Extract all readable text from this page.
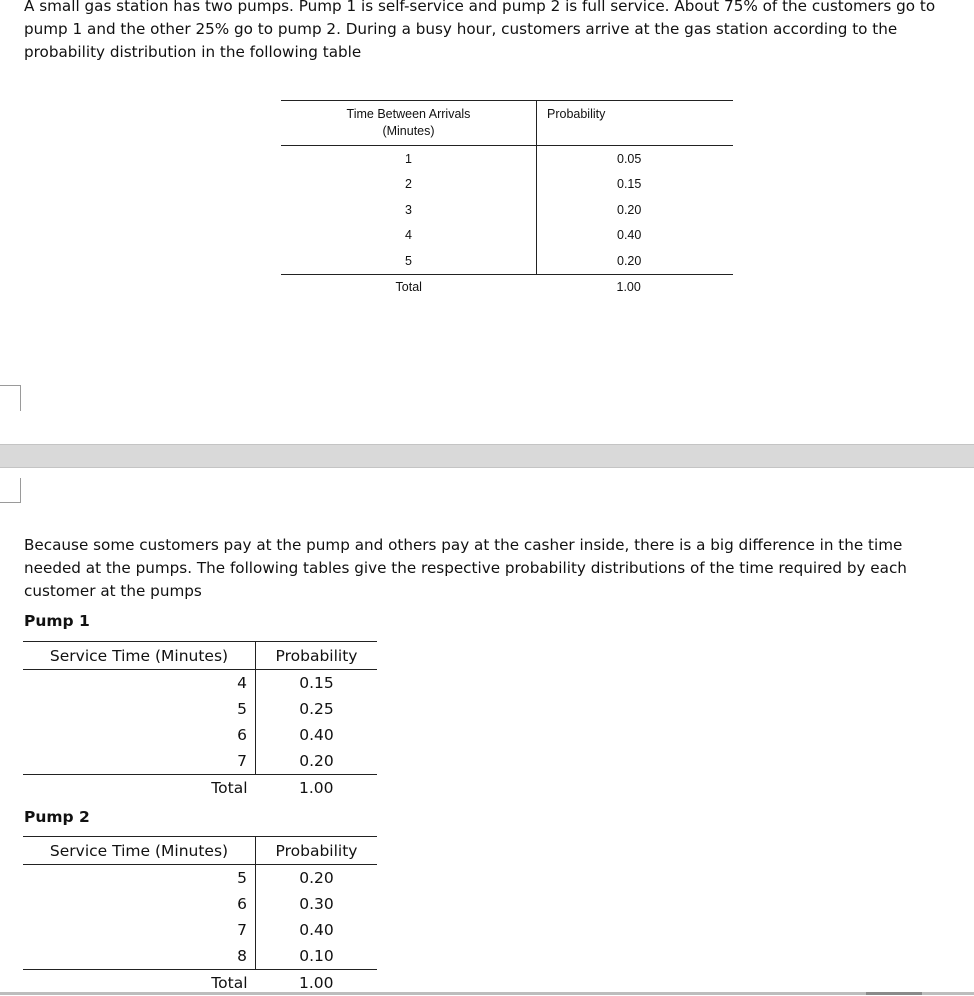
A small gas station has two pumps. Pump 1 is self-service and pump 2 is full service. About 75% of the customers go to pump 1 and the other 25% go to pump 2. During a busy hour, customers arrive at the gas station according to the probability distribution in the following table

Time Between Arrivals
(Minutes)	Probability
1	0.05
2	0.15
3	0.20
4	0.40
5	0.20
Total	1.00

Because some customers pay at the pump and others pay at the casher inside, there is a big difference in the time needed at the pumps. The following tables give the respective probability distributions of the time required by each customer at the pumps

Pump 1

Service Time (Minutes)	Probability
4	0.15
5	0.25
6	0.40
7	0.20
Total	1.00

Pump 2

Service Time (Minutes)	Probability
5	0.20
6	0.30
7	0.40
8	0.10
Total	1.00
